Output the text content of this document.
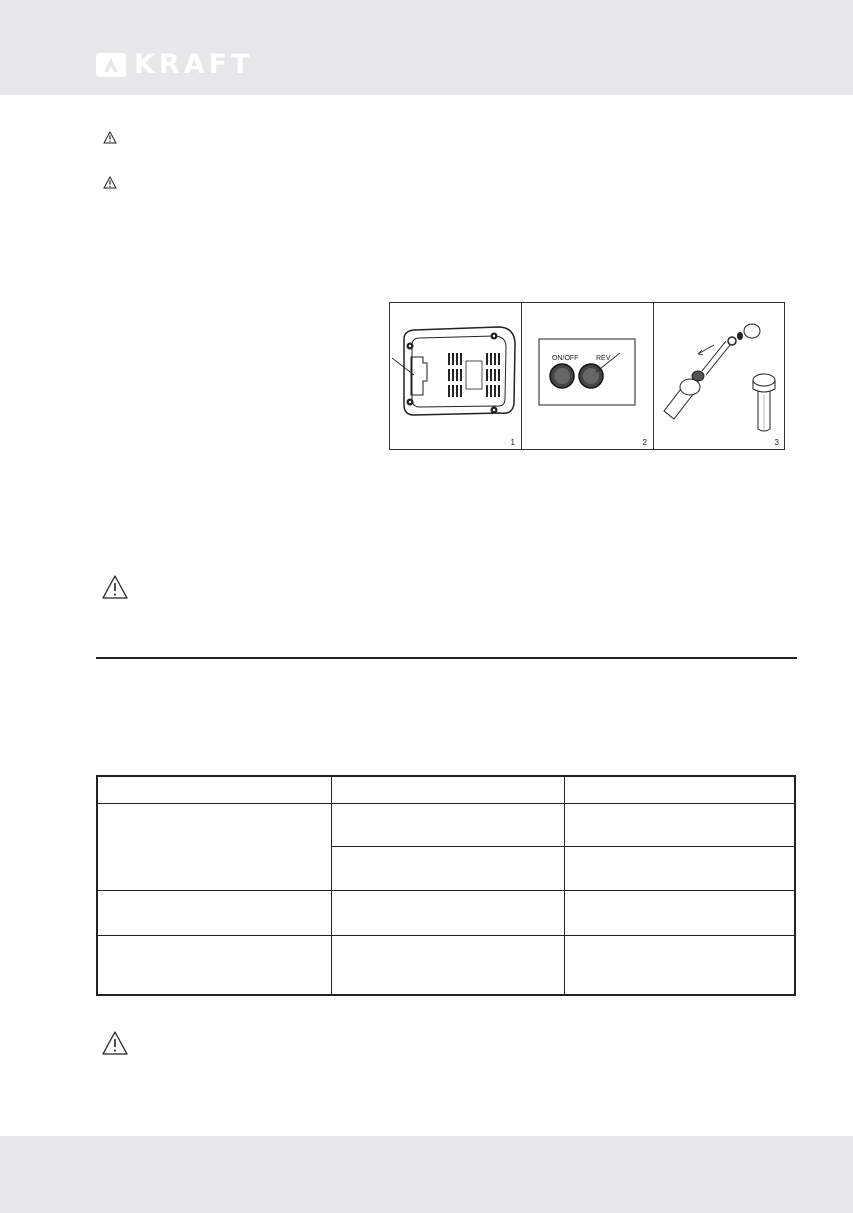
KRAFT
1
ON/OFF	REV
2	3
